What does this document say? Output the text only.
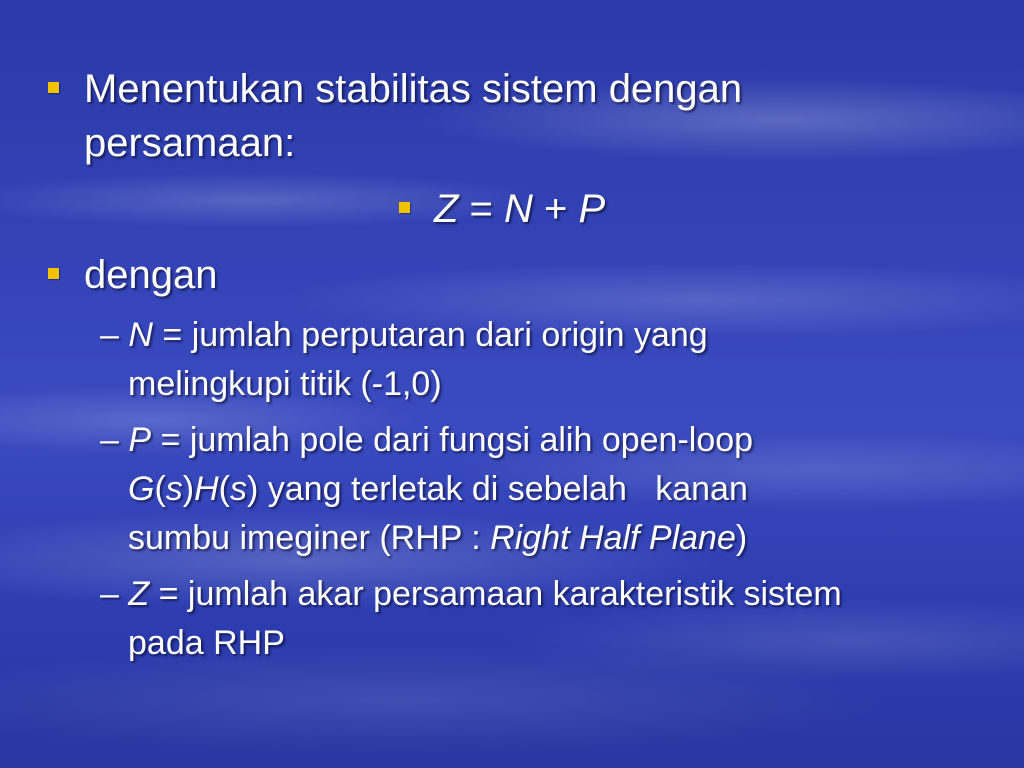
Menentukan stabilitas sistem dengan
persamaan:
Z = N + P
dengan
– N = jumlah perputaran dari origin yang
melingkupi titik (-1,0)
– P = jumlah pole dari fungsi alih open-loop
G(s)H(s) yang terletak di sebelah   kanan
sumbu imeginer (RHP : Right Half Plane)
– Z = jumlah akar persamaan karakteristik sistem
pada RHP
